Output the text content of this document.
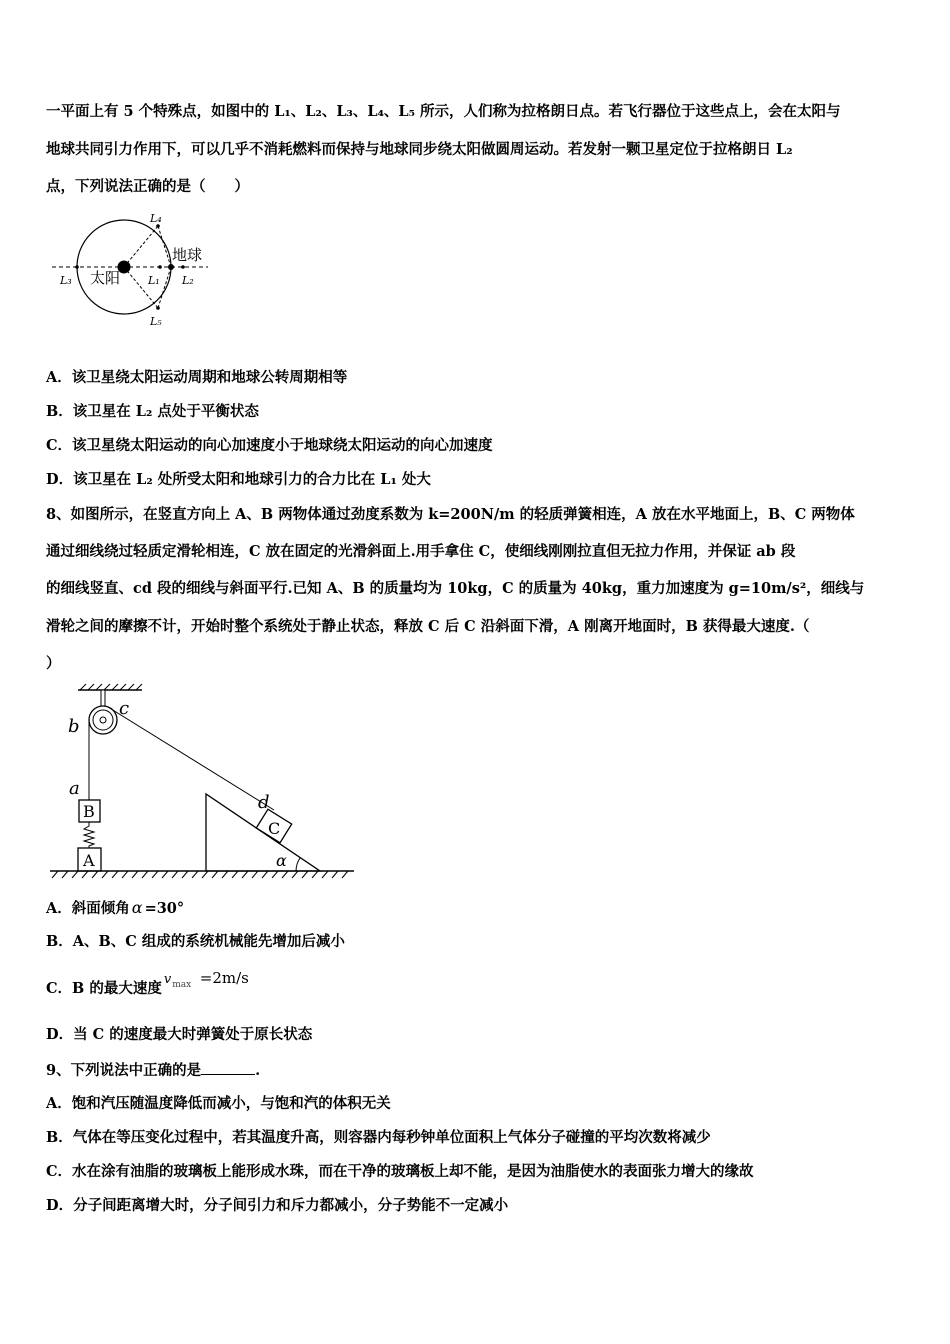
一平面上有 5 个特殊点，如图中的 L₁、L₂、L₃、L₄、L₅ 所示，人们称为拉格朗日点。若飞行器位于这些点上，会在太阳与
地球共同引力作用下，可以几乎不消耗燃料而保持与地球同步绕太阳做圆周运动。若发射一颗卫星定位于拉格朗日 L₂
点，下列说法正确的是（　　）
太阳
地球
L₃	L₁ L₂
L₄
L₅
A．该卫星绕太阳运动周期和地球公转周期相等
B．该卫星在 L₂ 点处于平衡状态
C．该卫星绕太阳运动的向心加速度小于地球绕太阳运动的向心加速度
D．该卫星在 L₂ 处所受太阳和地球引力的合力比在 L₁ 处大
8、如图所示，在竖直方向上 A、B 两物体通过劲度系数为 k=200N/m 的轻质弹簧相连，A 放在水平地面上，B、C 两物体
通过细线绕过轻质定滑轮相连，C 放在固定的光滑斜面上.用手拿住 C，使细线刚刚拉直但无拉力作用，并保证 ab 段
的细线竖直、cd 段的细线与斜面平行.已知 A、B 的质量均为 10kg，C 的质量为 40kg，重力加速度为 g=10m/s²，细线与
滑轮之间的摩擦不计，开始时整个系统处于静止状态，释放 C 后 C 沿斜面下滑，A 刚离开地面时，B 获得最大速度.（
）
B
A
C
α
b
c
a
d
A．斜面倾角 α =30°
B．A、B、C 组成的系统机械能先增加后减小
C．B 的最大速度$v_{max} =2m/s$
D．当 C 的速度最大时弹簧处于原长状态
9、下列说法中正确的是	.
A．饱和汽压随温度降低而减小，与饱和汽的体积无关
B．气体在等压变化过程中，若其温度升高，则容器内每秒钟单位面积上气体分子碰撞的平均次数将减少
C．水在涂有油脂的玻璃板上能形成水珠，而在干净的玻璃板上却不能，是因为油脂使水的表面张力增大的缘故
D．分子间距离增大时，分子间引力和斥力都减小，分子势能不一定减小
